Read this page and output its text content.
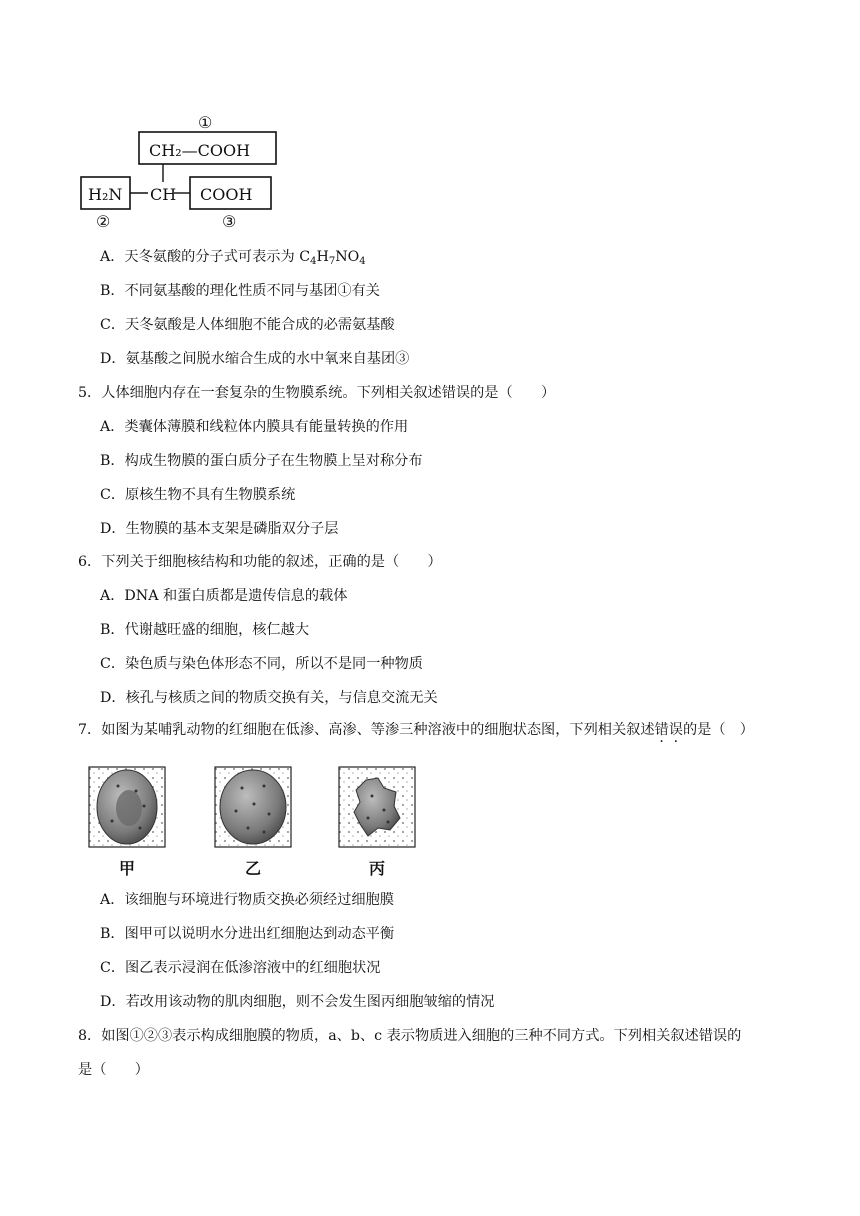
①
CH₂—COOH
H₂N CH COOH
②	③
A．天冬氨酸的分子式可表示为 $C_4H_7NO_4$
B．不同氨基酸的理化性质不同与基团①有关
C．天冬氨酸是人体细胞不能合成的必需氨基酸
D．氨基酸之间脱水缩合生成的水中氧来自基团③
5．人体细胞内存在一套复杂的生物膜系统。下列相关叙述错误的是（　　）
A．类囊体薄膜和线粒体内膜具有能量转换的作用
B．构成生物膜的蛋白质分子在生物膜上呈对称分布
C．原核生物不具有生物膜系统
D．生物膜的基本支架是磷脂双分子层
6．下列关于细胞核结构和功能的叙述，正确的是（　　）
A．DNA 和蛋白质都是遗传信息的载体
B．代谢越旺盛的细胞，核仁越大
C．染色质与染色体形态不同，所以不是同一种物质
D．核孔与核质之间的物质交换有关，与信息交流无关
7．如图为某哺乳动物的红细胞在低渗、高渗、等渗三种溶液中的细胞状态图，下列相关叙述错误的是（　）
甲	乙	丙
A．该细胞与环境进行物质交换必须经过细胞膜
B．图甲可以说明水分进出红细胞达到动态平衡
C．图乙表示浸润在低渗溶液中的红细胞状况
D．若改用该动物的肌肉细胞，则不会发生图丙细胞皱缩的情况
8．如图①②③表示构成细胞膜的物质，a、b、c 表示物质进入细胞的三种不同方式。下列相关叙述错误的
是（　　）
